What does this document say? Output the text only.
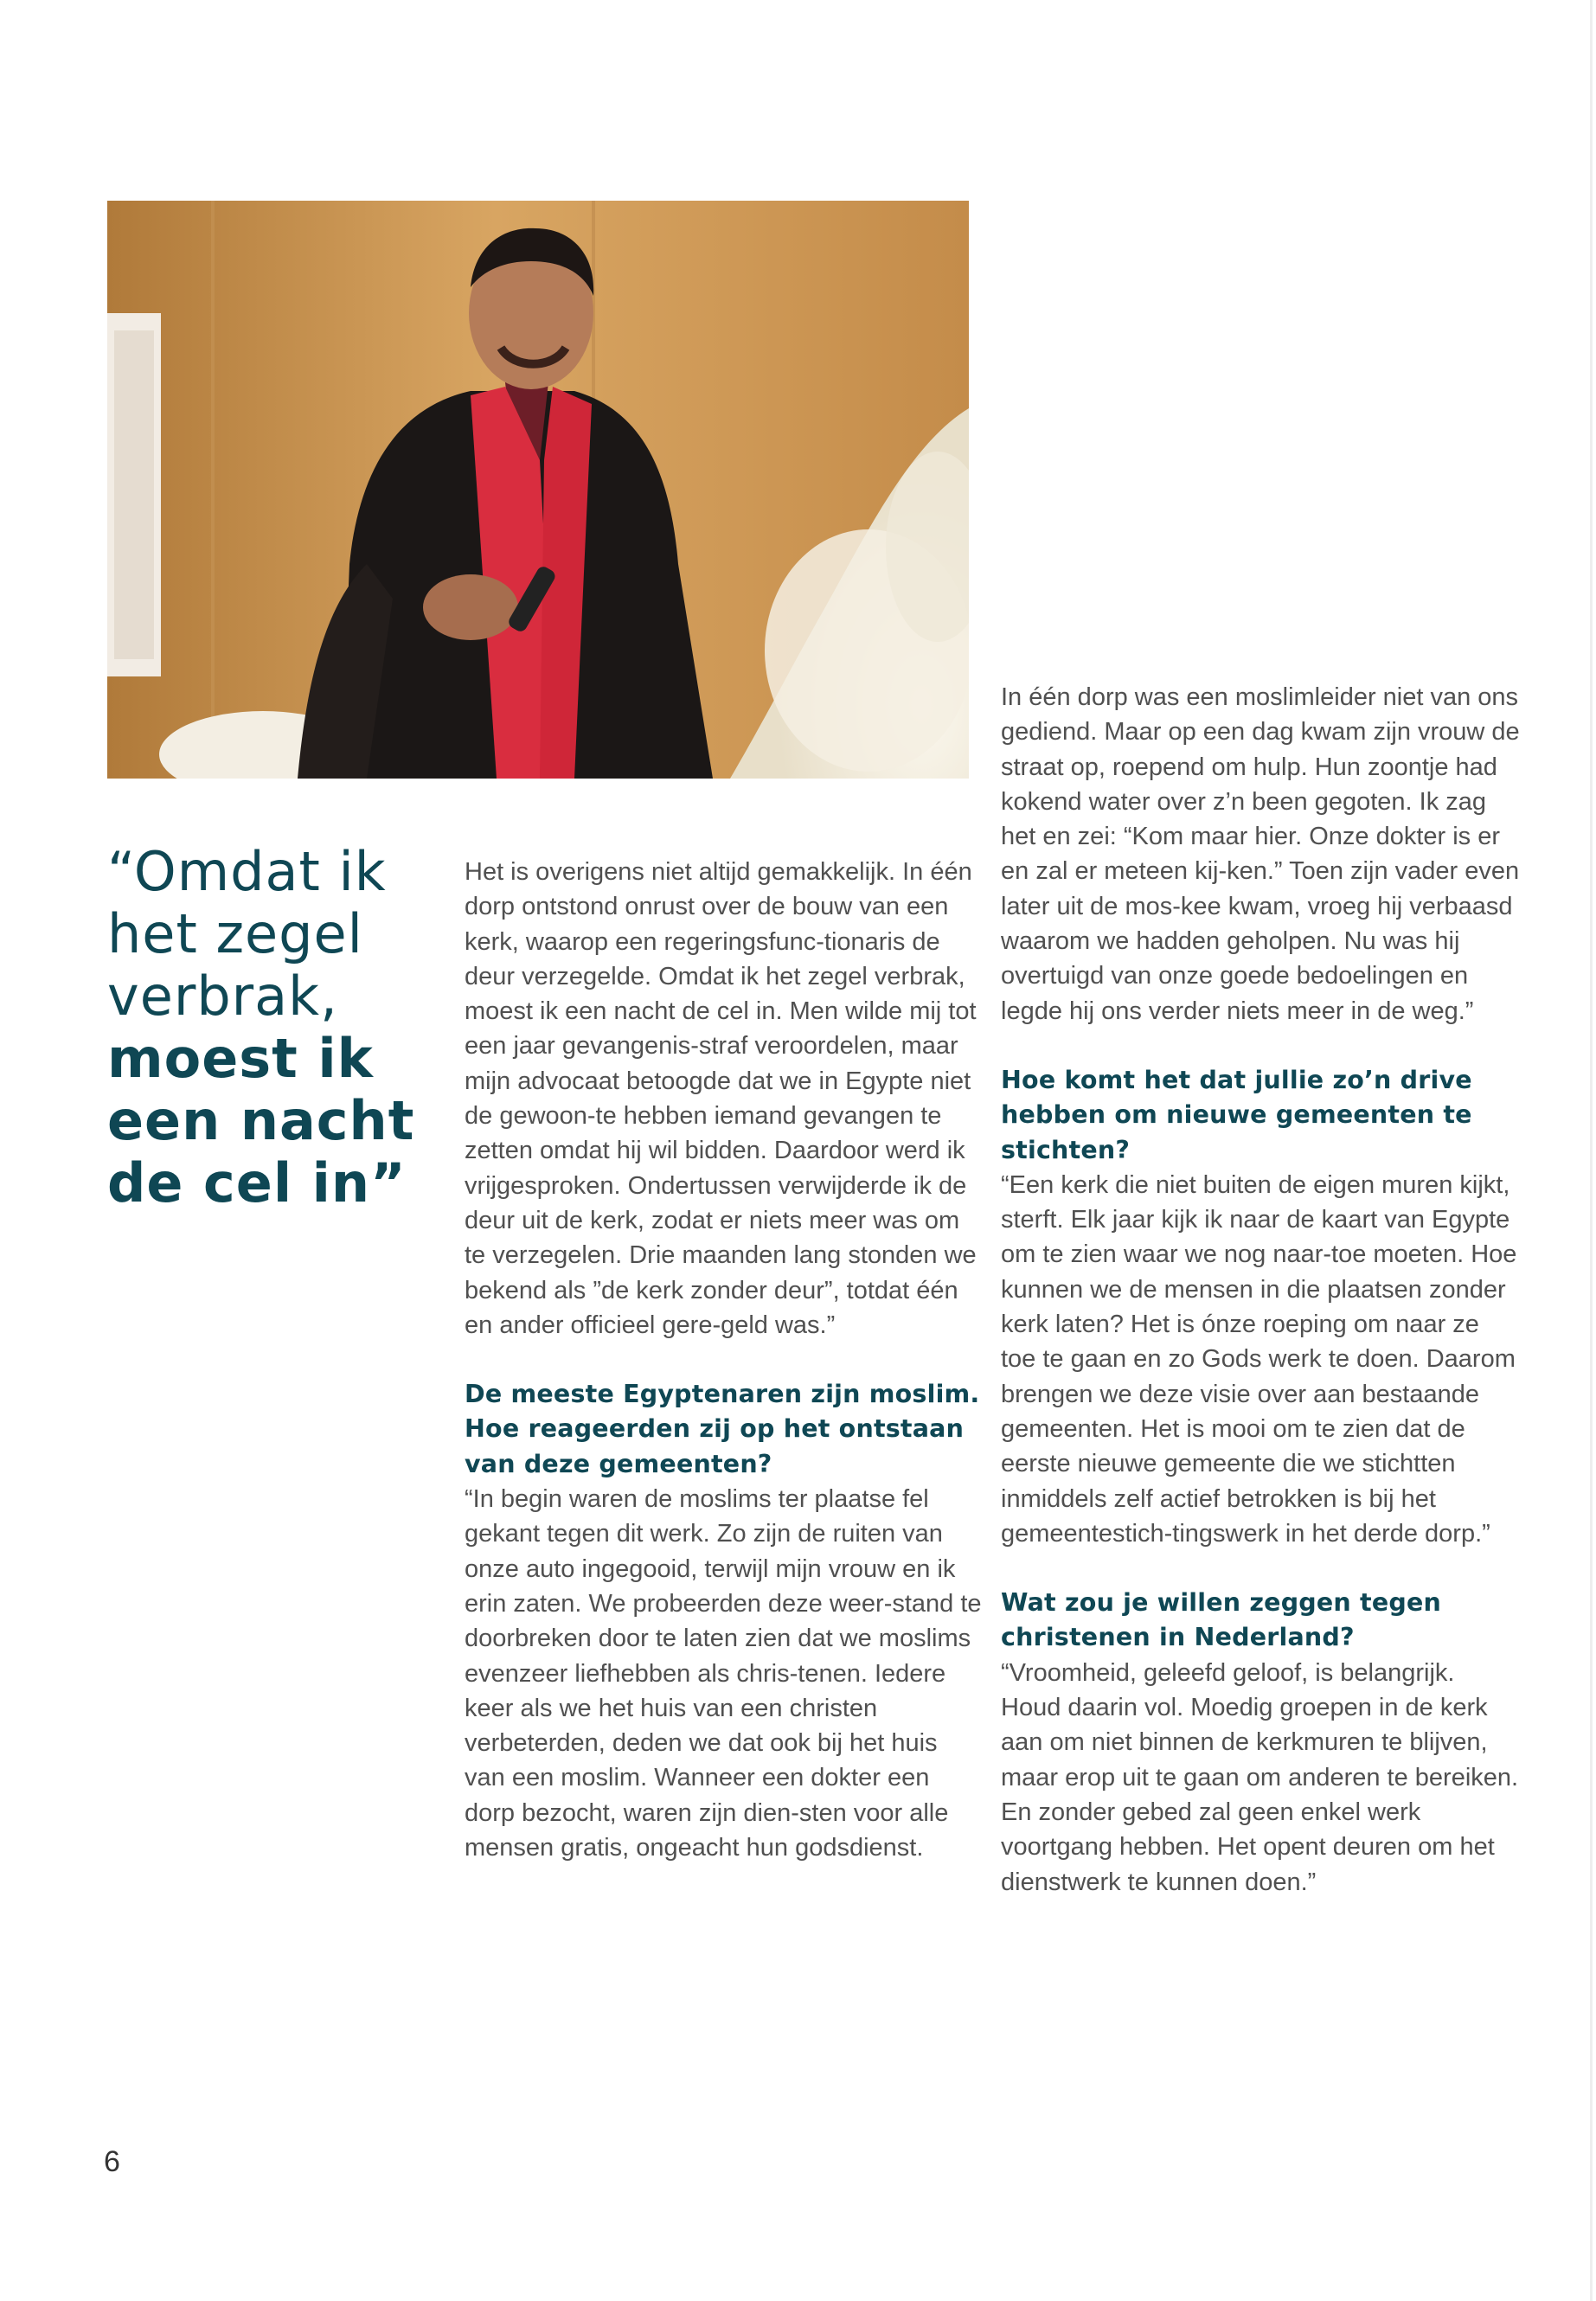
“Omdat ik het zegel verbrak,
moest ik een nacht de cel in”

Het is overigens niet altijd gemakkelijk. In één dorp ontstond onrust over de bouw van een kerk, waarop een regeringsfunc-tionaris de deur verzegelde. Omdat ik het zegel verbrak, moest ik een nacht de cel in. Men wilde mij tot een jaar gevangenis-straf veroordelen, maar mijn advocaat betoogde dat we in Egypte niet de gewoon-te hebben iemand gevangen te zetten omdat hij wil bidden. Daardoor werd ik vrijgesproken. Ondertussen verwijderde ik de deur uit de kerk, zodat er niets meer was om te verzegelen. Drie maanden lang stonden we bekend als ”de kerk zonder deur”, totdat één en ander officieel gere-geld was.”

De meeste Egyptenaren zijn moslim. Hoe reageerden zij op het ontstaan van deze gemeenten?

“In begin waren de moslims ter plaatse fel gekant tegen dit werk. Zo zijn de ruiten van onze auto ingegooid, terwijl mijn vrouw en ik erin zaten. We probeerden deze weer-stand te doorbreken door te laten zien dat we moslims evenzeer liefhebben als chris-tenen. Iedere keer als we het huis van een christen verbeterden, deden we dat ook bij het huis van een moslim. Wanneer een dokter een dorp bezocht, waren zijn dien-sten voor alle mensen gratis, ongeacht hun godsdienst.

In één dorp was een moslimleider niet van ons gediend. Maar op een dag kwam zijn vrouw de straat op, roepend om hulp. Hun zoontje had kokend water over z’n been gegoten. Ik zag het en zei: “Kom maar hier. Onze dokter is er en zal er meteen kij-ken.” Toen zijn vader even later uit de mos-kee kwam, vroeg hij verbaasd waarom we hadden geholpen. Nu was hij overtuigd van onze goede bedoelingen en legde hij ons verder niets meer in de weg.”

Hoe komt het dat jullie zo’n drive hebben om nieuwe gemeenten te stichten?

“Een kerk die niet buiten de eigen muren kijkt, sterft. Elk jaar kijk ik naar de kaart van Egypte om te zien waar we nog naar-toe moeten. Hoe kunnen we de mensen in die plaatsen zonder kerk laten? Het is ónze roeping om naar ze toe te gaan en zo Gods werk te doen. Daarom brengen we deze visie over aan bestaande gemeenten. Het is mooi om te zien dat de eerste nieuwe gemeente die we stichtten inmiddels zelf actief betrokken is bij het gemeentestich-tingswerk in het derde dorp.”

Wat zou je willen zeggen tegen christenen in Nederland?

“Vroomheid, geleefd geloof, is belangrijk. Houd daarin vol. Moedig groepen in de kerk aan om niet binnen de kerkmuren te blijven, maar erop uit te gaan om anderen te bereiken. En zonder gebed zal geen enkel werk voortgang hebben. Het opent deuren om het dienstwerk te kunnen doen.”

6
